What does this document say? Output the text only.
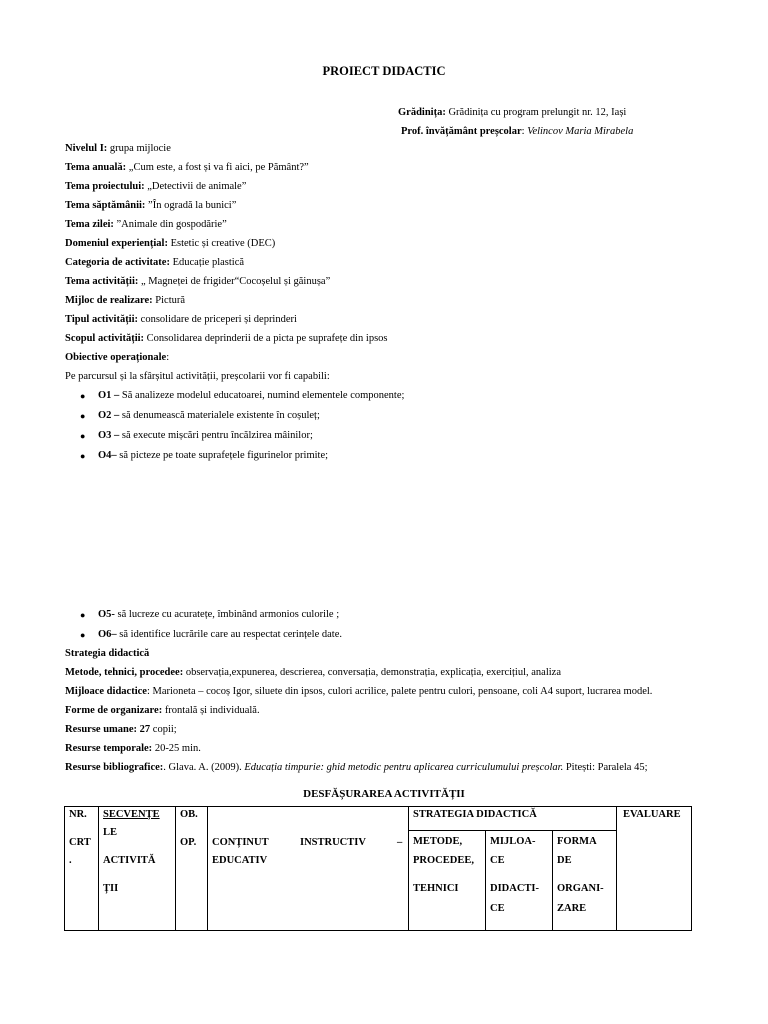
PROIECT DIDACTIC
Grădinița: Grădinița cu program prelungit nr. 12, Iași
Prof. învățământ preșcolar: Velincov Maria Mirabela
Nivelul I: grupa mijlocie
Tema anuală: „Cum este, a fost și va fi aici, pe Pământ?”
Tema proiectului: „Detectivii de animale”
Tema săptămânii: ”În ogradă la bunici”
Tema zilei: ”Animale din gospodărie”
Domeniul experiențial: Estetic și creative (DEC)
Categoria de activitate: Educație plastică
Tema activității: „ Magneței de frigider“Cocoșelul și găinușa”
Mijloc de realizare: Pictură
Tipul activității: consolidare de priceperi și deprinderi
Scopul activității: Consolidarea deprinderii de a picta pe suprafețe din ipsos
Obiective operaționale:
Pe parcursul și la sfârșitul activității, preșcolarii vor fi capabili:
● O1 – Să analizeze modelul educatoarei, numind elementele componente;
● O2 – să denumească materialele existente în coșuleț;
● O3 – să execute mișcări pentru încălzirea mâinilor;
● O4– să picteze pe toate suprafețele figurinelor primite;
● O5- să lucreze cu acuratețe, îmbinând armonios culorile ;
● O6– să identifice lucrările care au respectat cerințele date.
Strategia didactică
Metode, tehnici, procedee: observația,expunerea, descrierea, conversația, demonstrația, explicația, exercițiul, analiza
Mijloace didactice: Marioneta – cocoș Igor, siluete din ipsos, culori acrilice, palete pentru culori, pensoane, coli A4 suport, lucrarea model.
Forme de organizare: frontală și individuală.
Resurse umane: 27 copii;
Resurse temporale: 20-25 min.
Resurse bibliografice:. Glava. A. (2009). Educația timpurie: ghid metodic pentru aplicarea curriculumului preșcolar. Pitești: Paralela 45;
DESFĂȘURAREA ACTIVITĂȚII
NR.
CRT
.	SECVENȚE
LE
ACTIVITĂ
ȚII	OB.
OP.	CONȚINUT INSTRUCTIV –
EDUCATIV	STRATEGIA DIDACTICĂ			EVALUARE

				METODE,
PROCEDEE,
TEHNICI	MIJLOA-
CE
DIDACTI-
CE	FORMA
DE
ORGANI-
ZARE	
